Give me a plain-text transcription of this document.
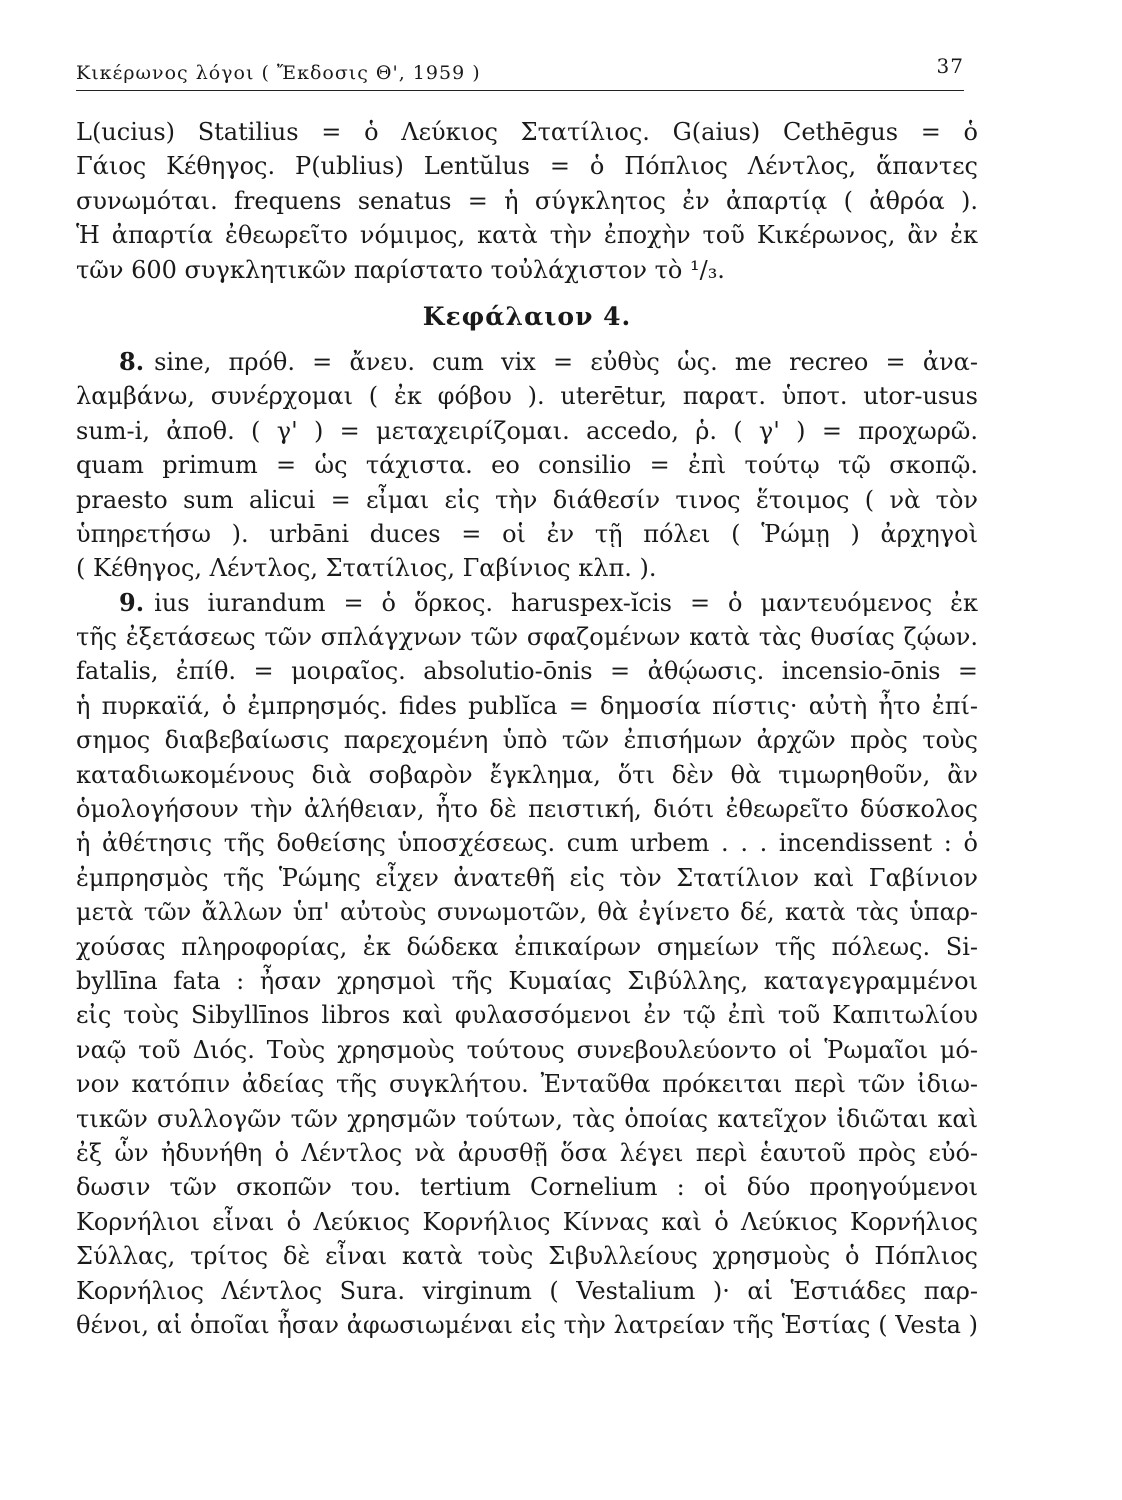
Κικέρωνος λόγοι ( Ἔκδοσις Θ', 1959 )	37
L(ucius) Statilius = ὁ Λεύκιος Στατίλιος. G(aius) Cethēgus = ὁ
Γάιος Κέθηγος. P(ublius) Lentŭlus = ὁ Πόπλιος Λέντλος, ἅπαντες
συνωμόται. frequens senatus = ἡ σύγκλητος ἐν ἀπαρτίᾳ ( ἀθρόα ).
Ἡ ἀπαρτία ἐθεωρεῖτο νόμιμος, κατὰ τὴν ἐποχὴν τοῦ Κικέρωνος, ἂν ἐκ
τῶν 600 συγκλητικῶν παρίστατο τοὐλάχιστον τὸ ¹/₃.
Κεφάλαιον 4.
8. sine, πρόθ. = ἄνευ. cum vix = εὐθὺς ὡς. me recreo = ἀνα-
λαμβάνω, συνέρχομαι ( ἐκ φόβου ). uterētur, παρατ. ὑποτ. utor-usus
sum-i, ἀποθ. ( γ' ) = μεταχειρίζομαι. accedo, ῥ. ( γ' ) = προχωρῶ.
quam primum = ὡς τάχιστα. eo consilio = ἐπὶ τούτῳ τῷ σκοπῷ.
praesto sum alicui = εἶμαι εἰς τὴν διάθεσίν τινος ἕτοιμος ( νὰ τὸν
ὑπηρετήσω ). urbāni duces = οἱ ἐν τῇ πόλει ( Ῥώμῃ ) ἀρχηγοὶ
( Κέθηγος, Λέντλος, Στατίλιος, Γαβίνιος κλπ. ).
9. ius iurandum = ὁ ὅρκος. haruspex-ĭcis = ὁ μαντευόμενος ἐκ
τῆς ἐξετάσεως τῶν σπλάγχνων τῶν σφαζομένων κατὰ τὰς θυσίας ζῴων.
fatalis, ἐπίθ. = μοιραῖος. absolutio-ōnis = ἀθῴωσις. incensio-ōnis =
ἡ πυρκαϊά, ὁ ἐμπρησμός. fides publĭca = δημοσία πίστις· αὐτὴ ἦτο ἐπί-
σημος διαβεβαίωσις παρεχομένη ὑπὸ τῶν ἐπισήμων ἀρχῶν πρὸς τοὺς
καταδιωκομένους διὰ σοβαρὸν ἔγκλημα, ὅτι δὲν θὰ τιμωρηθοῦν, ἂν
ὁμολογήσουν τὴν ἀλήθειαν, ἦτο δὲ πειστική, διότι ἐθεωρεῖτο δύσκολος
ἡ ἀθέτησις τῆς δοθείσης ὑποσχέσεως. cum urbem . . . incendissent : ὁ
ἐμπρησμὸς τῆς Ῥώμης εἶχεν ἀνατεθῆ εἰς τὸν Στατίλιον καὶ Γαβίνιον
μετὰ τῶν ἄλλων ὑπ' αὐτοὺς συνωμοτῶν, θὰ ἐγίνετο δέ, κατὰ τὰς ὑπαρ-
χούσας πληροφορίας, ἐκ δώδεκα ἐπικαίρων σημείων τῆς πόλεως. Si-
byllīna fata : ἦσαν χρησμοὶ τῆς Κυμαίας Σιβύλλης, καταγεγραμμένοι
εἰς τοὺς Sibyllīnos libros καὶ φυλασσόμενοι ἐν τῷ ἐπὶ τοῦ Καπιτωλίου
ναῷ τοῦ Διός. Τοὺς χρησμοὺς τούτους συνεβουλεύοντο οἱ Ῥωμαῖοι μό-
νον κατόπιν ἀδείας τῆς συγκλήτου. Ἐνταῦθα πρόκειται περὶ τῶν ἰδιω-
τικῶν συλλογῶν τῶν χρησμῶν τούτων, τὰς ὁποίας κατεῖχον ἰδιῶται καὶ
ἐξ ὧν ἠδυνήθη ὁ Λέντλος νὰ ἀρυσθῇ ὅσα λέγει περὶ ἑαυτοῦ πρὸς εὐό-
δωσιν τῶν σκοπῶν του. tertium Cornelium : οἱ δύο προηγούμενοι
Κορνήλιοι εἶναι ὁ Λεύκιος Κορνήλιος Κίννας καὶ ὁ Λεύκιος Κορνήλιος
Σύλλας, τρίτος δὲ εἶναι κατὰ τοὺς Σιβυλλείους χρησμοὺς ὁ Πόπλιος
Κορνήλιος Λέντλος Sura. virginum ( Vestalium )· αἱ Ἑστιάδες παρ-
θένοι, αἱ ὁποῖαι ἦσαν ἀφωσιωμέναι εἰς τὴν λατρείαν τῆς Ἑστίας ( Vesta )
